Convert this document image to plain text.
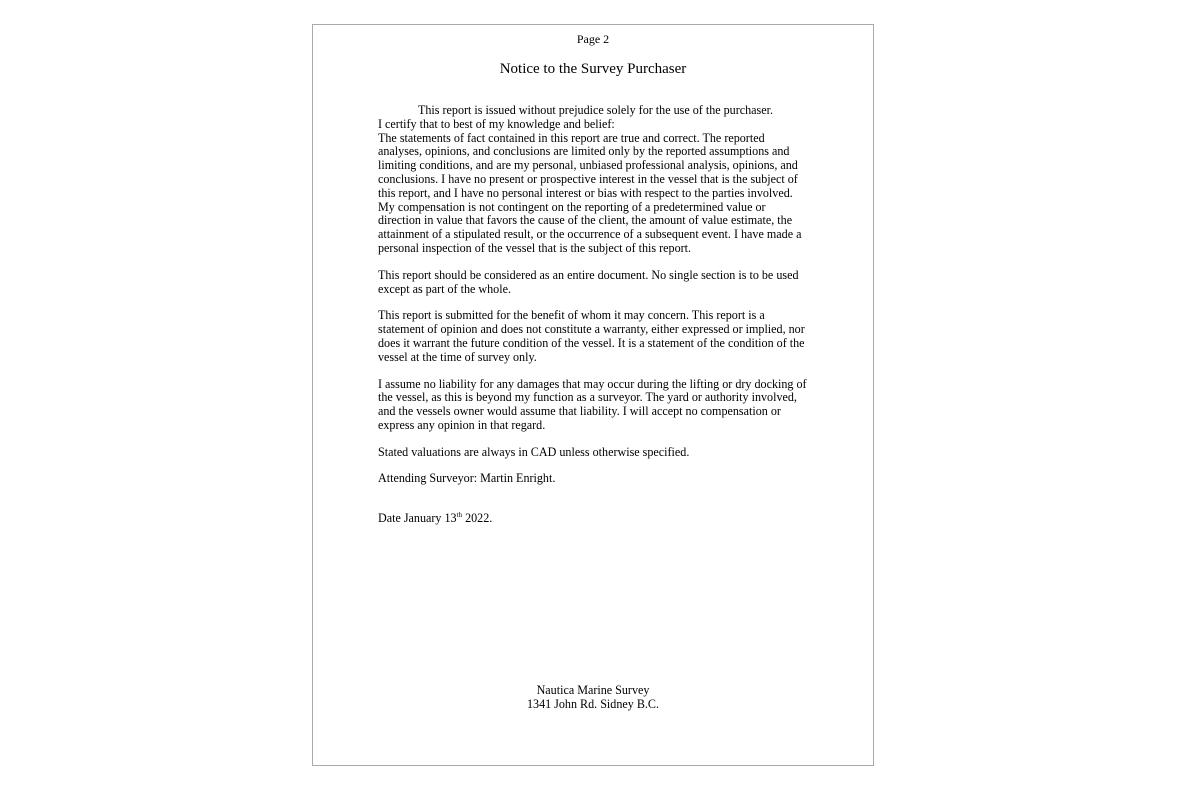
Page 2
Notice to the Survey Purchaser

This report is issued without prejudice solely for the use of the purchaser.

I certify that to best of my knowledge and belief:

The statements of fact contained in this report are true and correct. The reported analyses, opinions, and conclusions are limited only by the reported assumptions and limiting conditions, and are my personal, unbiased professional analysis, opinions, and conclusions. I have no present or prospective interest in the vessel that is the subject of this report, and I have no personal interest or bias with respect to the parties involved. My compensation is not contingent on the reporting of a predetermined value or direction in value that favors the cause of the client, the amount of value estimate, the attainment of a stipulated result, or the occurrence of a subsequent event. I have made a personal inspection of the vessel that is the subject of this report.

This report should be considered as an entire document. No single section is to be used except as part of the whole.

This report is submitted for the benefit of whom it may concern. This report is a statement of opinion and does not constitute a warranty, either expressed or implied, nor does it warrant the future condition of the vessel. It is a statement of the condition of the vessel at the time of survey only.

I assume no liability for any damages that may occur during the lifting or dry docking of the vessel, as this is beyond my function as a surveyor. The yard or authority involved, and the vessels owner would assume that liability. I will accept no compensation or express any opinion in that regard.

Stated valuations are always in CAD unless otherwise specified.

Attending Surveyor: Martin Enright.

Date January 13th 2022.

Nautica Marine Survey
1341 John Rd. Sidney B.C.
